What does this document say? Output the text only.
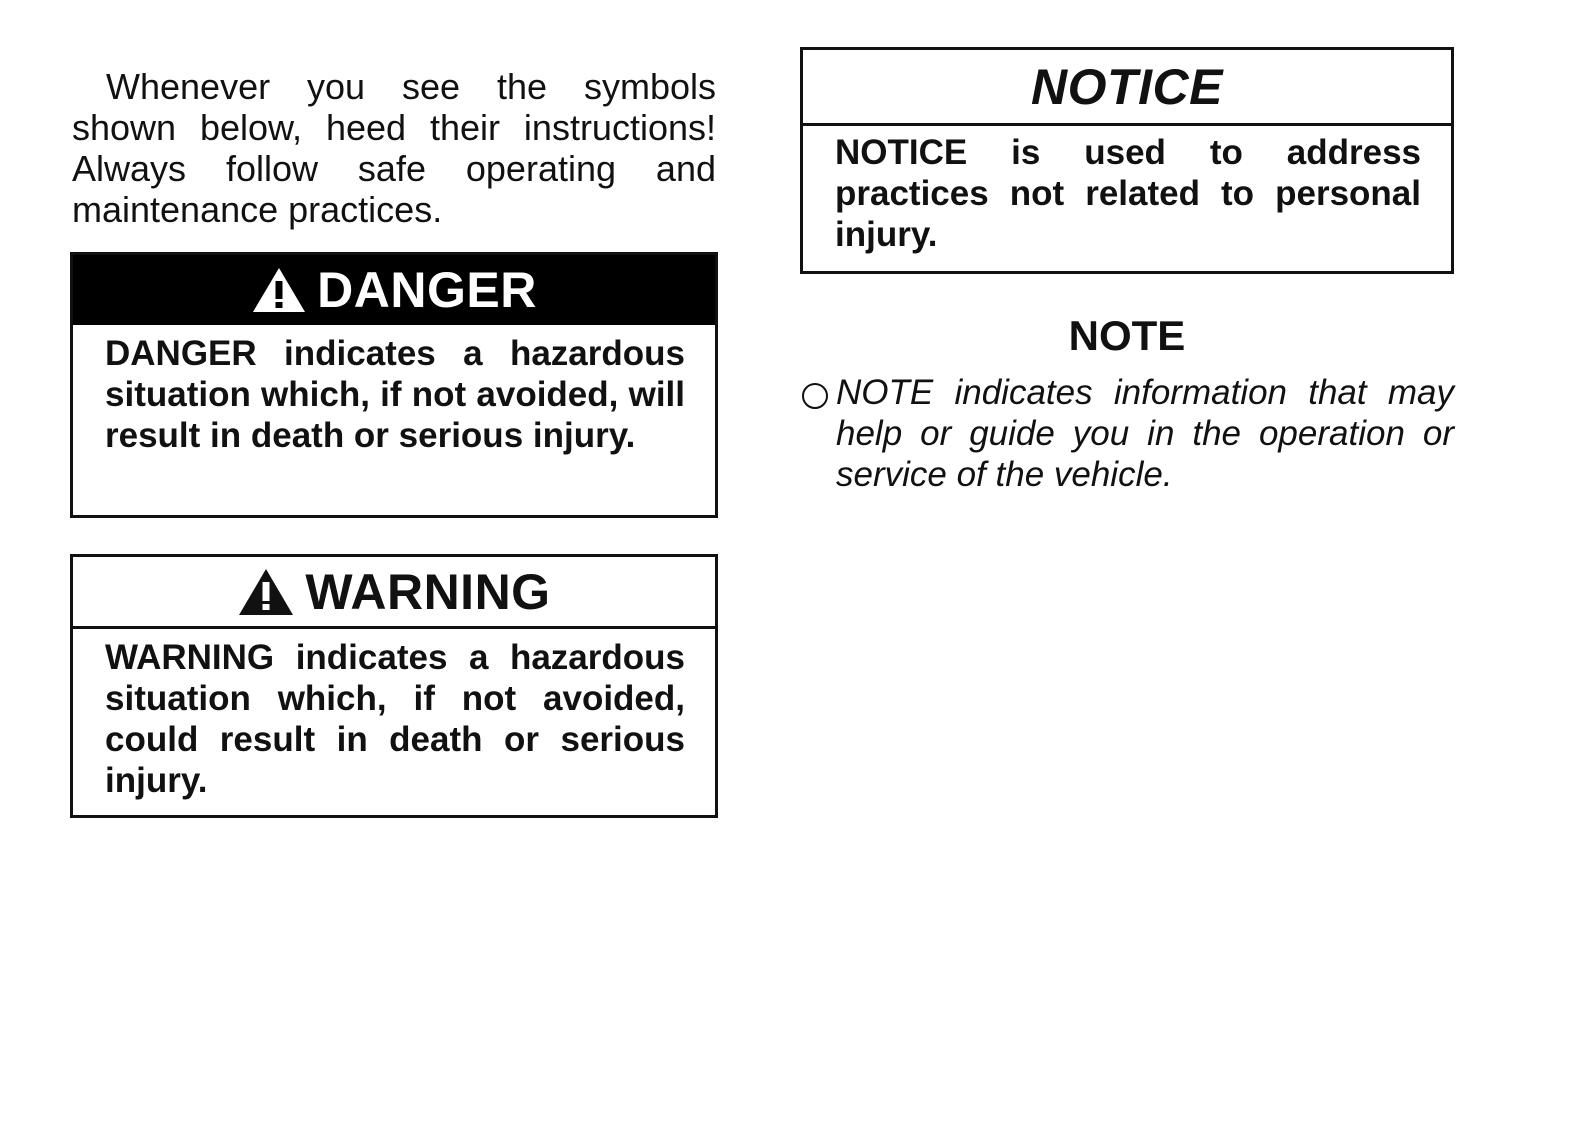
Whenever you see the symbols shown below, heed their instructions! Always follow safe operating and maintenance practices.

DANGER
DANGER indicates a hazardous situation which, if not avoided, will result in death or serious injury.
WARNING
WARNING indicates a hazardous situation which, if not avoided, could result in death or serious injury.
NOTICE
NOTICE is used to address practices not related to personal injury.
NOTE

NOTE indicates information that may help or guide you in the operation or service of the vehicle.
